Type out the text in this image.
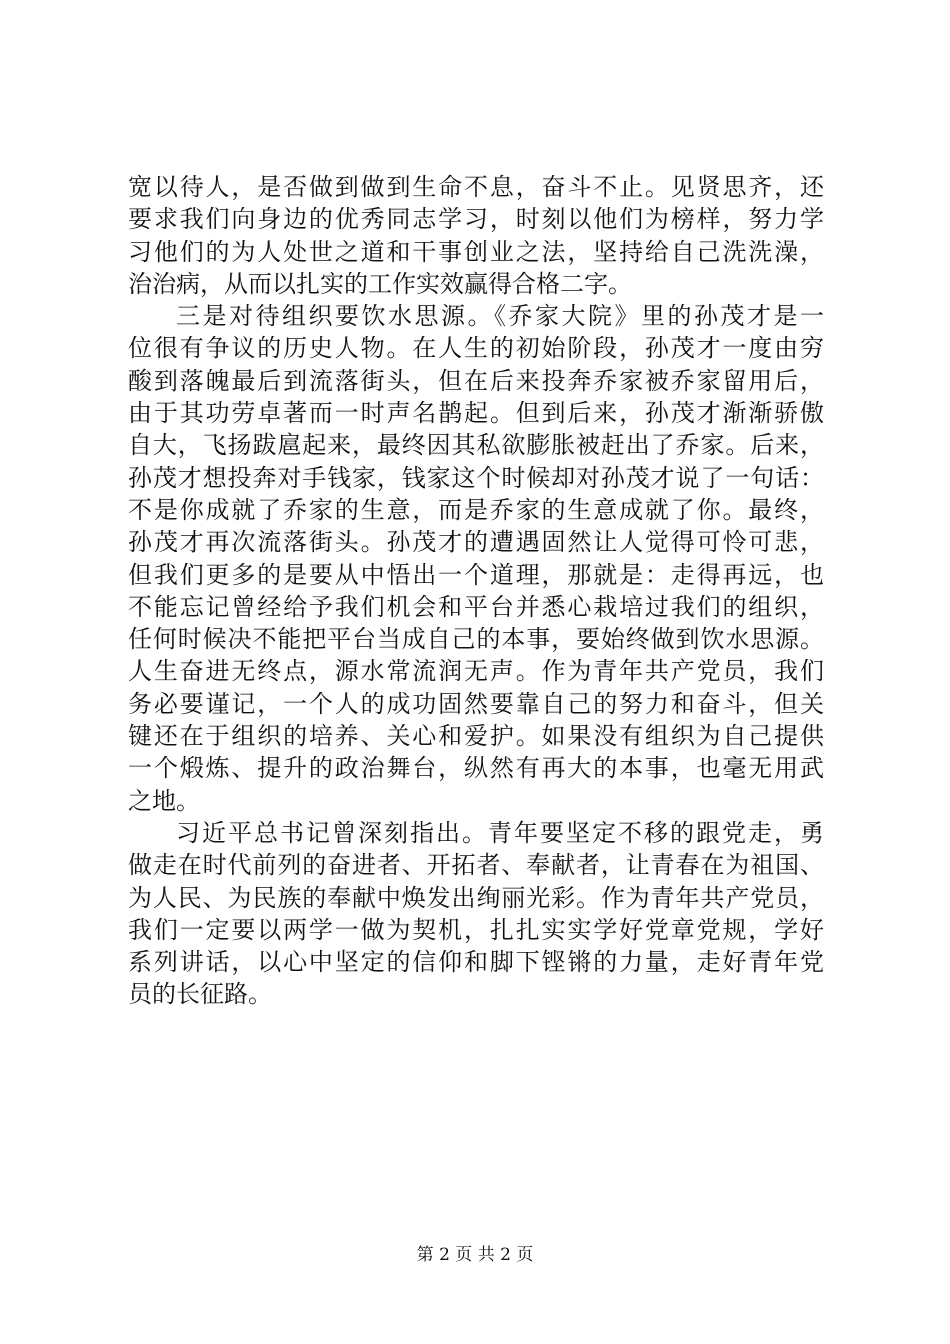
宽以待人，是否做到做到生命不息，奋斗不止。见贤思齐，还
要求我们向身边的优秀同志学习，时刻以他们为榜样，努力学
习他们的为人处世之道和干事创业之法，坚持给自己洗洗澡，
治治病，从而以扎实的工作实效赢得合格二字。
三是对待组织要饮水思源。《乔家大院》里的孙茂才是一
位很有争议的历史人物。在人生的初始阶段，孙茂才一度由穷
酸到落魄最后到流落街头，但在后来投奔乔家被乔家留用后，
由于其功劳卓著而一时声名鹊起。但到后来，孙茂才渐渐骄傲
自大，飞扬跋扈起来，最终因其私欲膨胀被赶出了乔家。后来，
孙茂才想投奔对手钱家，钱家这个时候却对孙茂才说了一句话：
不是你成就了乔家的生意，而是乔家的生意成就了你。最终，
孙茂才再次流落街头。孙茂才的遭遇固然让人觉得可怜可悲，
但我们更多的是要从中悟出一个道理，那就是：走得再远，也
不能忘记曾经给予我们机会和平台并悉心栽培过我们的组织，
任何时候决不能把平台当成自己的本事，要始终做到饮水思源。
人生奋进无终点，源水常流润无声。作为青年共产党员，我们
务必要谨记，一个人的成功固然要靠自己的努力和奋斗，但关
键还在于组织的培养、关心和爱护。如果没有组织为自己提供
一个煅炼、提升的政治舞台，纵然有再大的本事，也毫无用武
之地。
习近平总书记曾深刻指出。青年要坚定不移的跟党走，勇
做走在时代前列的奋进者、开拓者、奉献者，让青春在为祖国、
为人民、为民族的奉献中焕发出绚丽光彩。作为青年共产党员，
我们一定要以两学一做为契机，扎扎实实学好党章党规，学好
系列讲话，以心中坚定的信仰和脚下铿锵的力量，走好青年党
员的长征路。
第 2 页 共 2 页
